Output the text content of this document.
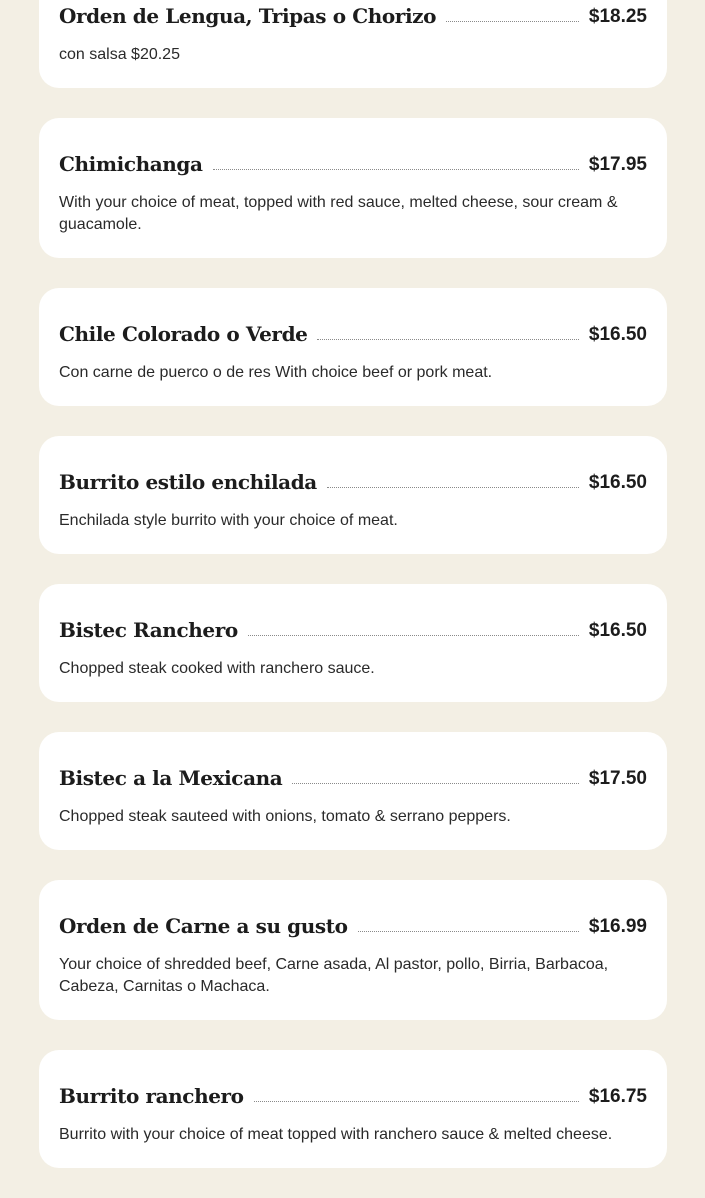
Orden de Lengua, Tripas o Chorizo	$18.25
con salsa $20.25
Chimichanga	$17.95
With your choice of meat, topped with red sauce, melted cheese, sour cream & guacamole.
Chile Colorado o Verde	$16.50
Con carne de puerco o de res With choice beef or pork meat.
Burrito estilo enchilada	$16.50
Enchilada style burrito with your choice of meat.
Bistec Ranchero	$16.50
Chopped steak cooked with ranchero sauce.
Bistec a la Mexicana	$17.50
Chopped steak sauteed with onions, tomato & serrano peppers.
Orden de Carne a su gusto	$16.99
Your choice of shredded beef, Carne asada, Al pastor, pollo, Birria, Barbacoa, Cabeza, Carnitas o Machaca.
Burrito ranchero	$16.75
Burrito with your choice of meat topped with ranchero sauce & melted cheese.
